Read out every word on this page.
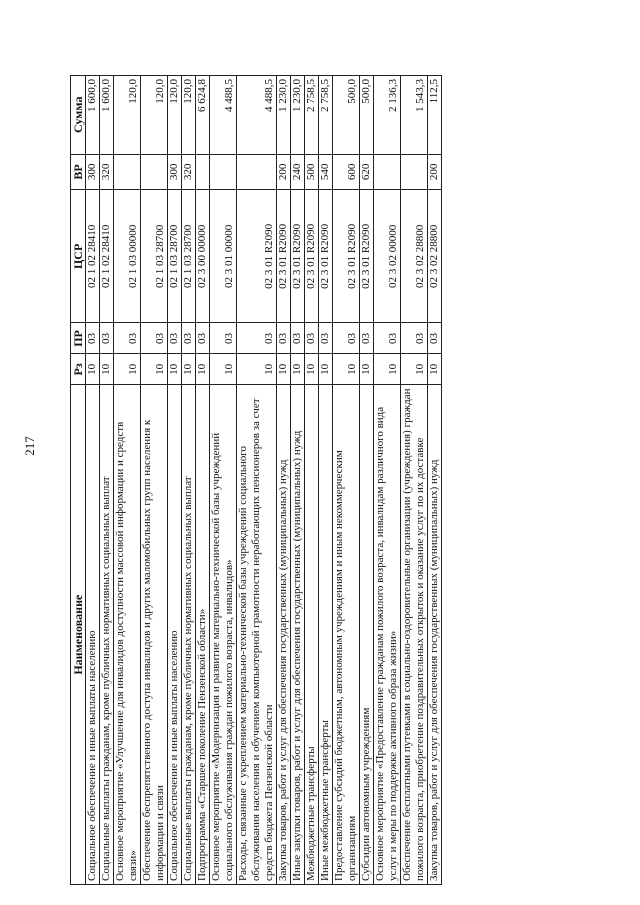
217
Наименование	Рз	ПР	ЦСР	ВР	Сумма
Социальное обеспечение и иные выплаты населению	10	03	02 1 02 28410	300	1 600,0
Социальные выплаты гражданам, кроме публичных нормативных социальных выплат	10	03	02 1 02 28410	320	1 600,0
Основное мероприятие «Улучшение для инвалидов доступности массовой информации и средств связи»	10	03	02 1 03 00000		120,0
Обеспечение беспрепятственного доступа инвалидов и других маломобильных групп населения к информации и связи	10	03	02 1 03 28700		120,0
Социальное обеспечение и иные выплаты населению	10	03	02 1 03 28700	300	120,0
Социальные выплаты гражданам, кроме публичных нормативных социальных выплат	10	03	02 1 03 28700	320	120,0
Подпрограмма «Старшее поколение Пензенской области»	10	03	02 3 00 00000		6 624,8
Основное мероприятие «Модернизация и развитие материально-технической базы учреждений социального обслуживания граждан пожилого возраста, инвалидов»	10	03	02 3 01 00000		4 488,5
Расходы, связанные с укреплением материально-технической базы учреждений социального обслуживания населения и обучением компьютерной грамотности неработающих пенсионеров за счет средств бюджета Пензенской области	10	03	02 3 01 R2090		4 488,5
Закупка товаров, работ и услуг для обеспечения государственных (муниципальных) нужд	10	03	02 3 01 R2090	200	1 230,0
Иные закупки товаров, работ и услуг для обеспечения государственных (муниципальных) нужд	10	03	02 3 01 R2090	240	1 230,0
Межбюджетные трансферты	10	03	02 3 01 R2090	500	2 758,5
Иные межбюджетные трансферты	10	03	02 3 01 R2090	540	2 758,5
Предоставление субсидий бюджетным, автономным учреждениям и иным некоммерческим организациям	10	03	02 3 01 R2090	600	500,0
Субсидии автономным учреждениям	10	03	02 3 01 R2090	620	500,0
Основное мероприятие «Предоставление гражданам пожилого возраста, инвалидам различного вида услуг и меры по поддержке активного образа жизни»	10	03	02 3 02 00000		2 136,3
Обеспечение бесплатными путевками в социально-оздоровительные организации (учреждения) граждан пожилого возраста, приобретение поздравительных открыток и оказание услуг по их доставке	10	03	02 3 02 28800		1 543,3
Закупка товаров, работ и услуг для обеспечения государственных (муниципальных) нужд	10	03	02 3 02 28800	200	112,5
